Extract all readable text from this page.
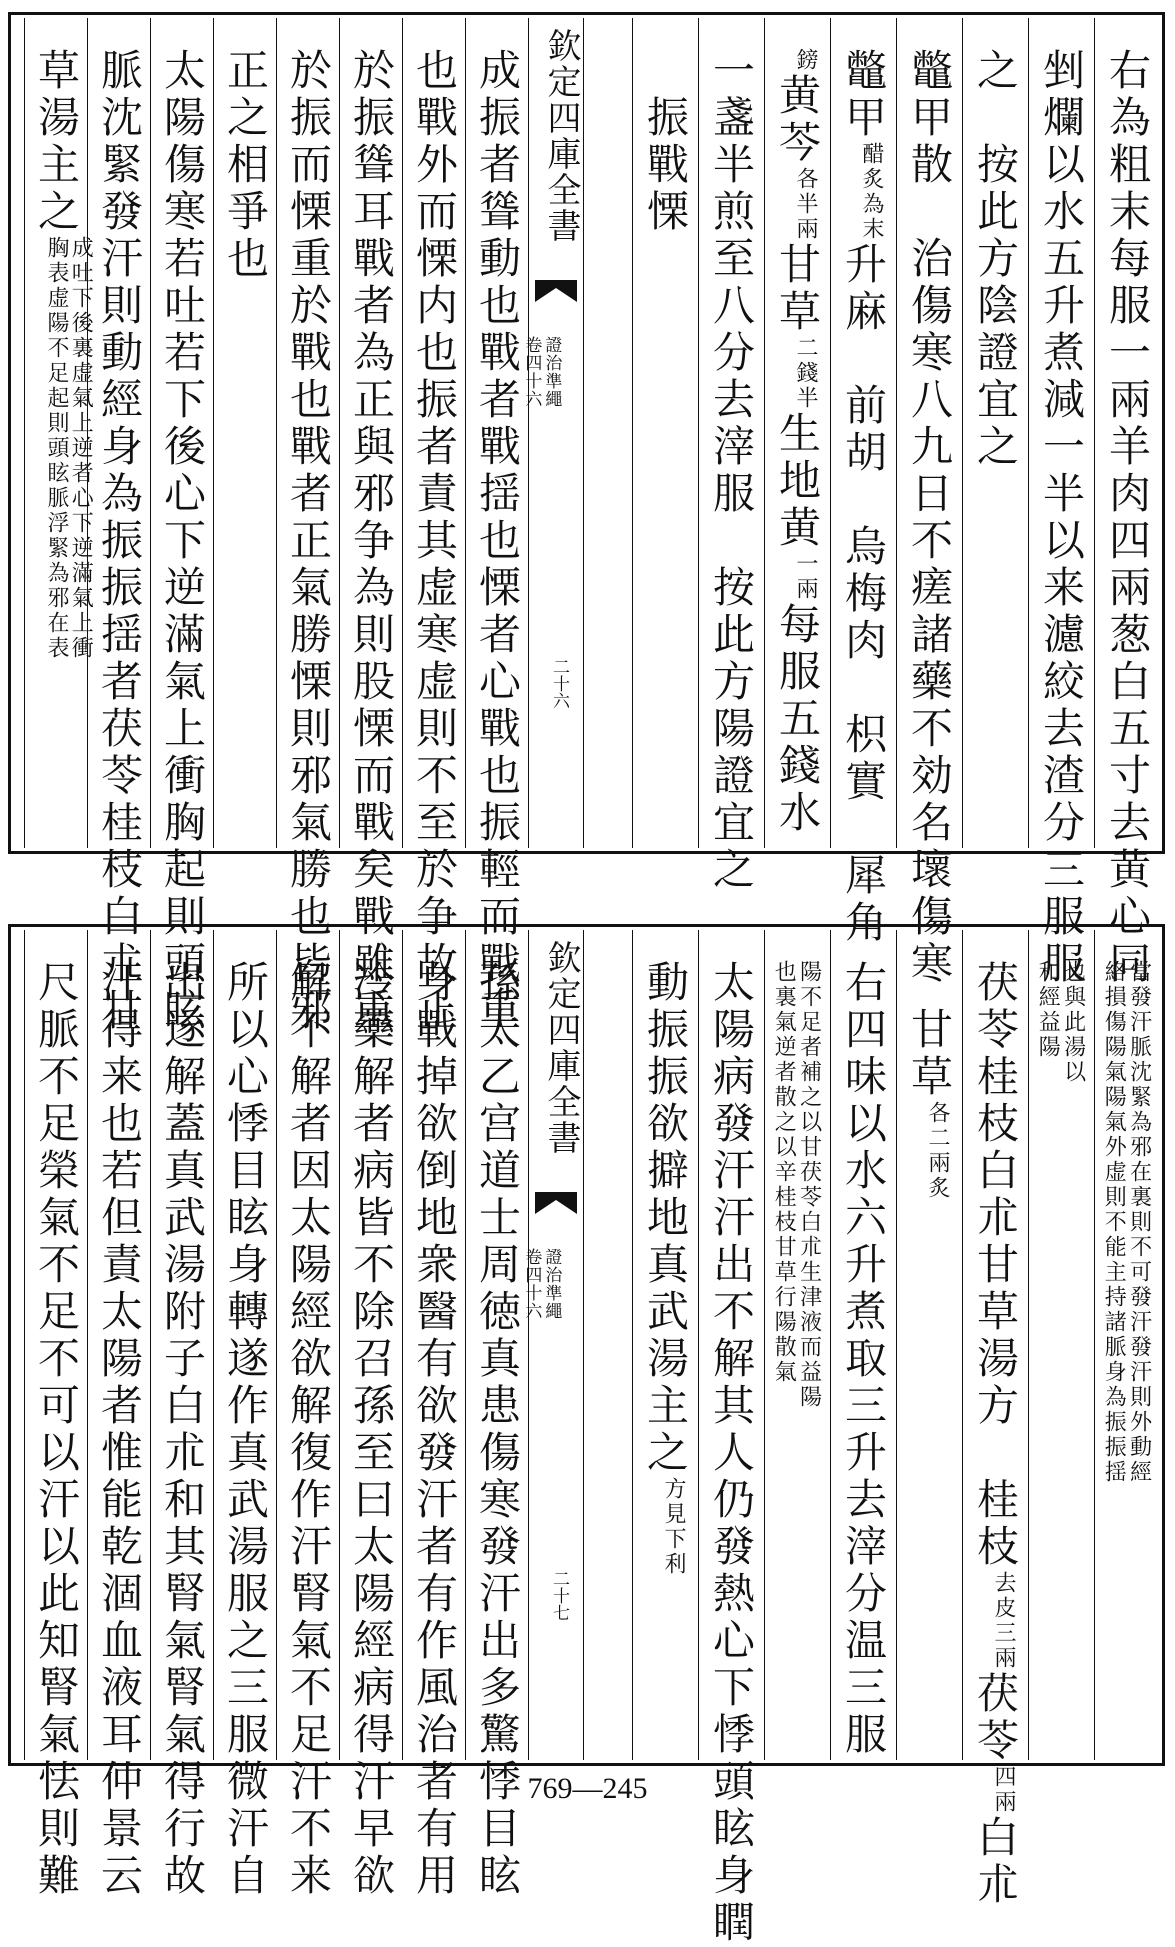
右為粗末每服一兩羊肉四兩葱白五寸去黄心同
剉爛以水五升煮減一半以来濾絞去渣分三服服
之　按此方陰證宜之
鼈甲散　治傷寒八九日不瘥諸藥不効名壞傷寒
鼈甲醋炙為末升麻　前胡　烏梅肉　枳實　犀角
鎊黄芩各半兩甘草二錢半生地黄一兩每服五錢水
一盞半煎至八分去滓服　按此方陽證宜之
　振戰慄
欽定四庫全書
證治準繩

卷四十六
二十六
成振者聳動也戰者戰揺也慄者心戰也振輕而戰重
也戰外而慄内也振者責其虚寒虚則不至於争故止
於振聳耳戰者為正與邪争為則股慄而戰矣戰雖重
於振而慄重於戰也戰者正氣勝慄則邪氣勝也皆邪
正之相爭也
太陽傷寒若吐若下後心下逆滿氣上衝胸起則頭眩
脈沈緊發汗則動經身為振振揺者茯苓桂枝白朮甘
草湯主之成吐下後裏虚氣上逆者心下逆滿氣上衝
胸表虚陽不足起則頭眩脈浮緊為邪在表
當發汗脈沈緊為邪在裏則不可發汗發汗則外動經
絡損傷陽氣陽氣外虚則不能主持諸脈身為振振揺
也與此湯以
和經益陽
茯苓桂枝白朮甘草湯方　桂枝去皮三兩茯苓四兩白朮
　甘草各二兩炙
右四味以水六升煮取三升去滓分温三服
陽不足者補之以甘茯苓白朮生津液而益陽
也裏氣逆者散之以辛桂枝甘草行陽散氣
太陽病發汗汗出不解其人仍發熱心下悸頭眩身瞤
動振振欲擗地真武湯主之方見下利
欽定四庫全書
證治準繩
卷四十六
二十七
孫太乙宫道士周徳真患傷寒發汗出多驚悸目眩
身戰掉欲倒地衆醫有欲發汗者有作風治者有用
冷藥解者病皆不除召孫至曰太陽經病得汗早欲
解不解者因太陽經欲解復作汗腎氣不足汗不来
所以心悸目眩身轉遂作真武湯服之三服微汗自
出遂解蓋真武湯附子白朮和其腎氣腎氣得行故
汗得来也若但責太陽者惟能乾涸血液耳仲景云
尺脈不足榮氣不足不可以汗以此知腎氣怯則難	769—245
